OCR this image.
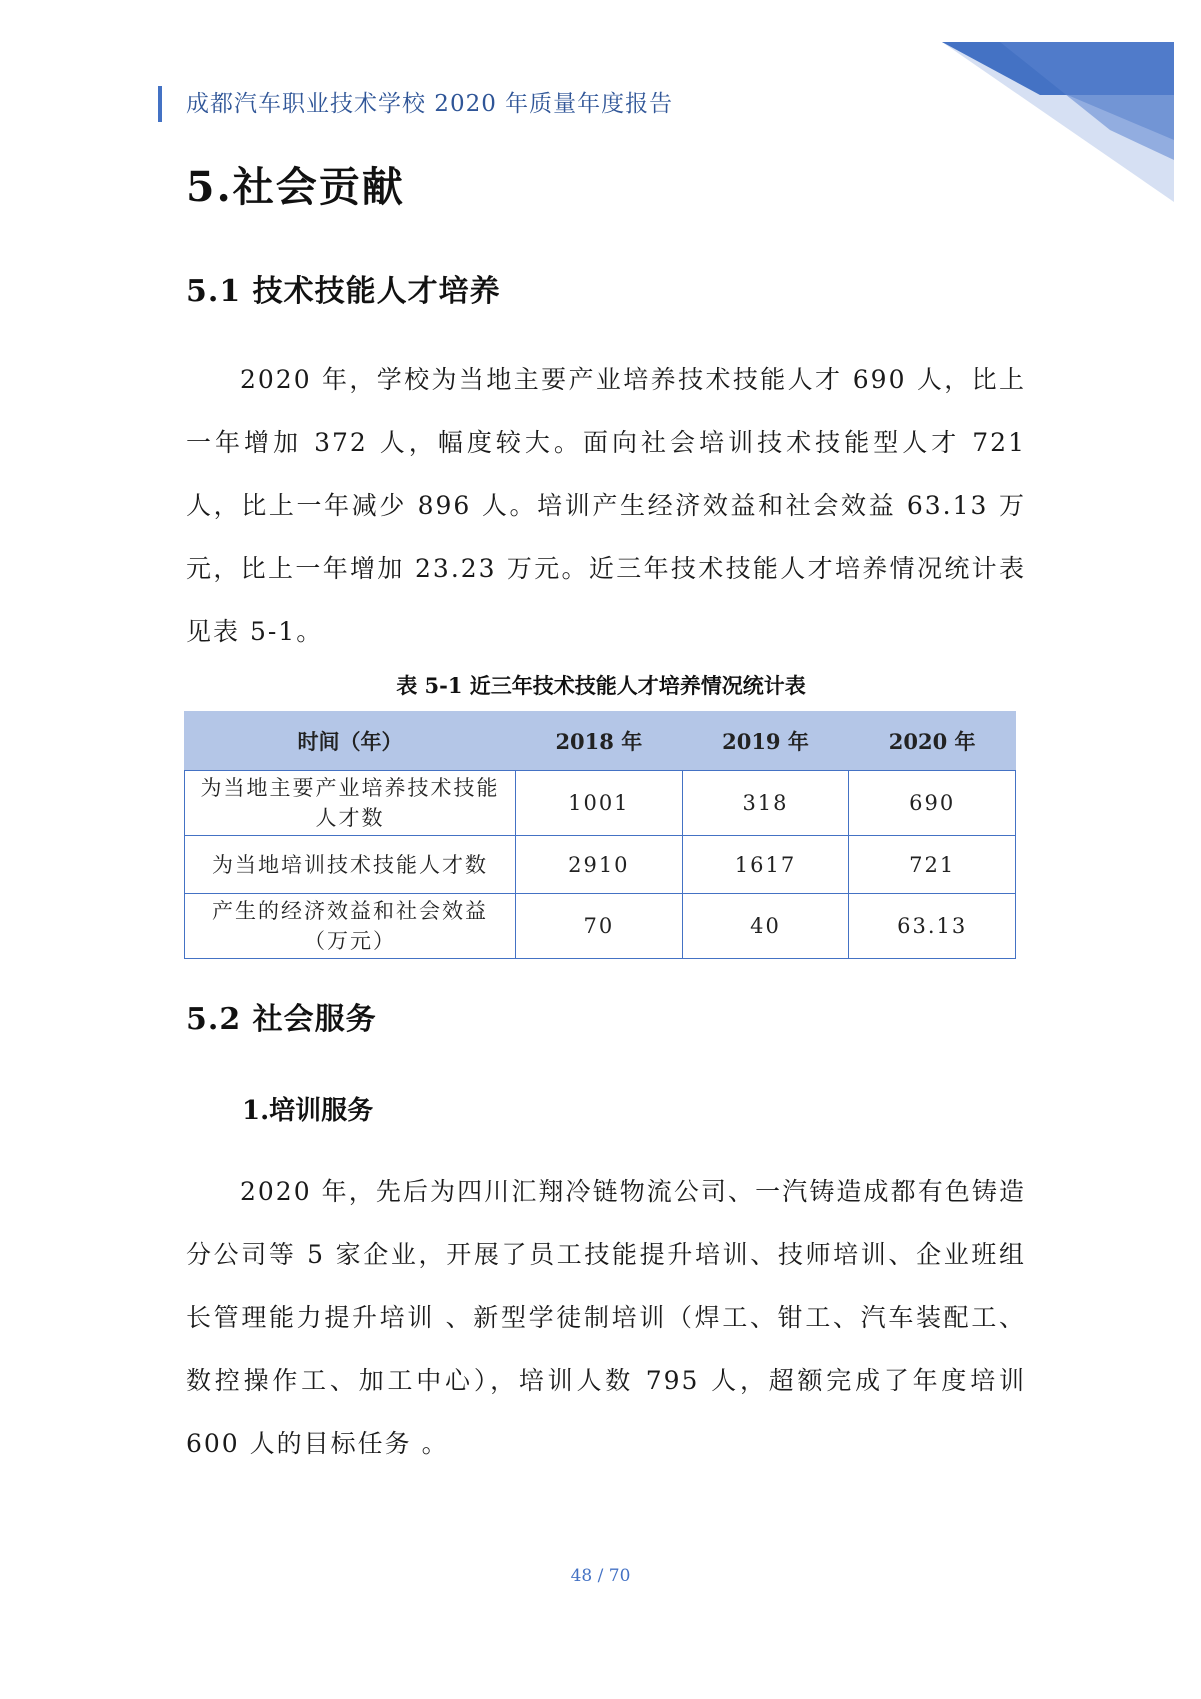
成都汽车职业技术学校 2020 年质量年度报告
5.社会贡献
5.1 技术技能人才培养

2020 年，学校为当地主要产业培养技术技能人才 690 人，比上一年增加 372 人，幅度较大。面向社会培训技术技能型人才 721 人，比上一年减少 896 人。培训产生经济效益和社会效益 63.13 万元，比上一年增加 23.23 万元。近三年技术技能人才培养情况统计表见表 5-1。

表 5-1 近三年技术技能人才培养情况统计表

时间（年）	2018 年	2019 年	2020 年
为当地主要产业培养技术技能人才数	1001	318	690
为当地培训技术技能人才数	2910	1617	721
产生的经济效益和社会效益（万元）	70	40	63.13
5.2 社会服务
1.培训服务

2020 年，先后为四川汇翔冷链物流公司、一汽铸造成都有色铸造分公司等 5 家企业，开展了员工技能提升培训、技师培训、企业班组长管理能力提升培训 、新型学徒制培训（焊工、钳工、汽车装配工、数控操作工、加工中心），培训人数 795 人，超额完成了年度培训 600 人的目标任务 。

48 / 70
